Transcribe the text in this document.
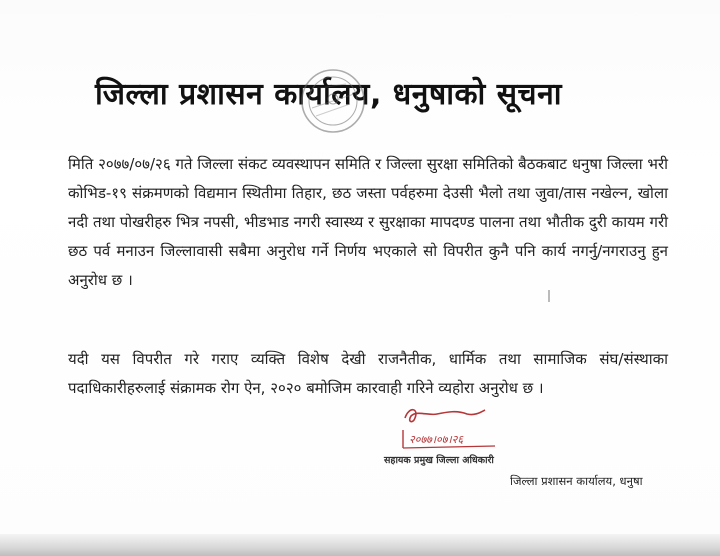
जिल्ला प्रशासन कार्यालय, धनुषाको सूचना
मिति २०७७/०७/२६ गते जिल्ला संकट व्यवस्थापन समिति र जिल्ला सुरक्षा समितिको बैठकबाट धनुषा जिल्ला भरी कोभिड-१९ संक्रमणको विद्यमान स्थितीमा तिहार, छठ जस्ता पर्वहरुमा देउसी भैलो तथा जुवा/तास नखेल्न, खोला नदी तथा पोखरीहरु भित्र नपसी, भीडभाड नगरी स्वास्थ्य र सुरक्षाका मापदण्ड पालना तथा भौतीक दुरी कायम गरी छठ पर्व मनाउन जिल्लावासी सबैमा अनुरोध गर्ने निर्णय भएकाले सो विपरीत कुनै पनि कार्य नगर्नु/नगराउनु हुन अनुरोध छ ।
यदी यस विपरीत गरे गराए व्यक्ति विशेष देखी राजनैतीक, धार्मिक तथा सामाजिक संघ/संस्थाका पदाधिकारीहरुलाई संक्रामक रोग ऐन, २०२० बमोजिम कारवाही गरिने व्यहोरा अनुरोध छ ।
२०७७।०७।२६
सहायक प्रमुख जिल्ला अधिकारी
जिल्ला प्रशासन कार्यालय, धनुषा
